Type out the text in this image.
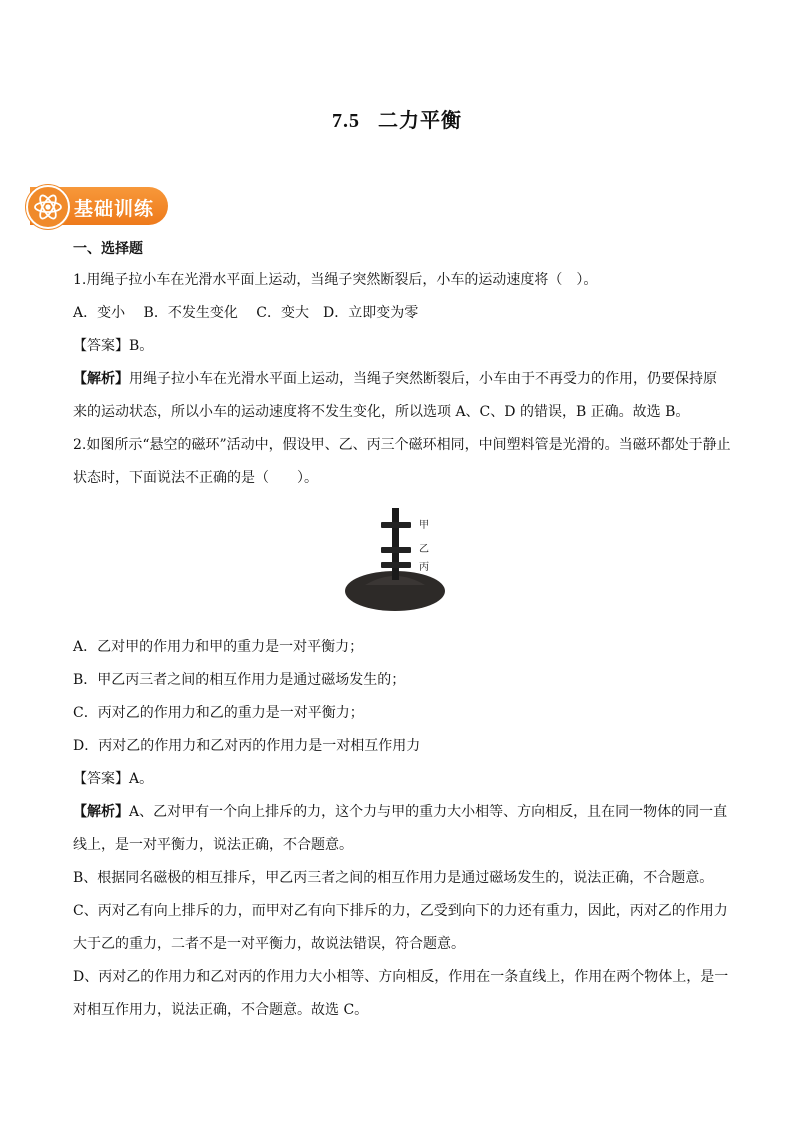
7.5 二力平衡
基础训练
一、选择题
1.用绳子拉小车在光滑水平面上运动，当绳子突然断裂后，小车的运动速度将（　）。
A．变小　 B．不发生变化　 C．变大　D．立即变为零
【答案】B。
【解析】用绳子拉小车在光滑水平面上运动，当绳子突然断裂后，小车由于不再受力的作用，仍要保持原
来的运动状态，所以小车的运动速度将不发生变化，所以选项 A、C、D 的错误，B 正确。故选 B。
2.如图所示“悬空的磁环”活动中，假设甲、乙、丙三个磁环相同，中间塑料管是光滑的。当磁环都处于静止
状态时，下面说法不正确的是（　　）。
甲
乙
丙
A．乙对甲的作用力和甲的重力是一对平衡力；
B．甲乙丙三者之间的相互作用力是通过磁场发生的；
C．丙对乙的作用力和乙的重力是一对平衡力；
D．丙对乙的作用力和乙对丙的作用力是一对相互作用力
【答案】A。
【解析】A、乙对甲有一个向上排斥的力，这个力与甲的重力大小相等、方向相反，且在同一物体的同一直
线上，是一对平衡力，说法正确，不合题意。
B、根据同名磁极的相互排斥，甲乙丙三者之间的相互作用力是通过磁场发生的，说法正确，不合题意。
C、丙对乙有向上排斥的力，而甲对乙有向下排斥的力，乙受到向下的力还有重力，因此，丙对乙的作用力
大于乙的重力，二者不是一对平衡力，故说法错误，符合题意。
D、丙对乙的作用力和乙对丙的作用力大小相等、方向相反，作用在一条直线上，作用在两个物体上，是一
对相互作用力，说法正确，不合题意。故选 C。
